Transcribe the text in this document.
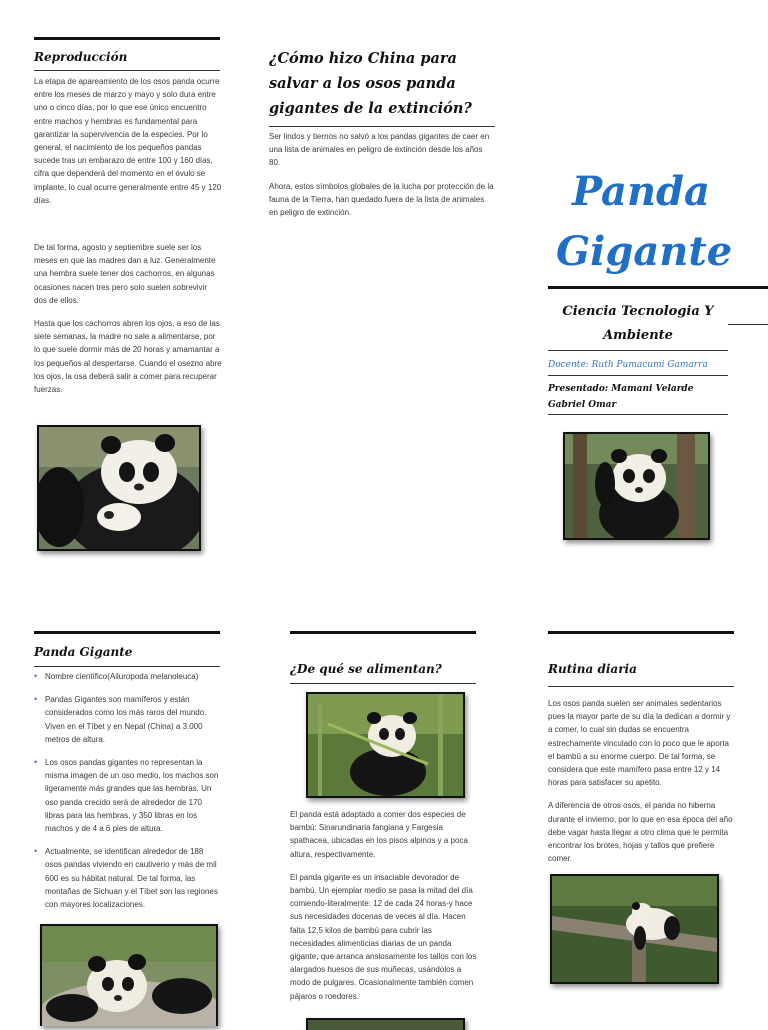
Reproducción

La etapa de apareamiento de los osos panda ocurre entre los meses de marzo y mayo y solo dura entre uno o cinco días, por lo que ese único encuentro entre machos y hembras es fundamental para garantizar la supervivencia de la especies. Por lo general, el nacimiento de los pequeños pandas sucede tras un embarazo de entre 100 y 160 días, cifra que dependerá del momento en el óvulo se implante, lo cual ocurre generalmente entre 45 y 120 días.

De tal forma, agosto y septiembre suele ser los meses en que las madres dan a luz. Generalmente una hembra suele tener dos cachorros, en algunas ocasiones nacen tres pero solo suelen sobrevivir dos de ellos.

Hasta que los cachorros abren los ojos, a eso de las siete semanas, la madre no sale a alimentarse, por lo que suele dormir más de 20 horas y amamantar a los pequeños al despertarse. Cuando el osezno abre los ojos, la osa deberá salir a comer para recuperar fuerzas.

¿Cómo hizo China para salvar a los osos panda gigantes de la extinción?

Ser lindos y tiernos no salvó a los pandas gigantes de caer en una lista de animales en peligro de extinción desde los años 80.

Ahora, estos símbolos globales de la lucha por protección de la fauna de la Tierra, han quedado fuera de la lista de animales en peligro de extinción.	Panda
Gigante
Ciencia Tecnologia Y Ambiente
Docente: Ruth Pumacumi Gamarra
Presentado: Mamani Velarde
Gabriel Omar
Panda Gigante
• Nombre científico(Ailuropoda melanoleuca)
• Pandas Gigantes son mamíferos y están considerados como los más raros del mundo. Viven en el Tíbet y en Nepal (China) a 3.000 metros de altura.
• Los osos pandas gigantes no representan la misma imagen de un oso medio, los machos son ligeramente más grandes que las hembras. Un oso panda crecido será de alrededor de 170 libras para las hembras, y 350 libras en los machos y de 4 a 6 pies de altura.
• Actualmente, se identifican alrededor de 188 osos pandas viviendo en cautiverio y más de mil 600 es su hábitat natural. De tal forma, las montañas de Sichuan y el Tíbet son las regiones con mayores localizaciones.
¿De qué se alimentan?

El panda está adaptado a comer dos especies de bambú: Sinarundinaria fangiana y Fargesia spathacea, ubicadas en los pisos alpinos y a poca altura, respectivamente.

El panda gigante es un insaciable devorador de bambú. Un ejemplar medio se pasa la mitad del día comiendo-literalmente: 12 de cada 24 horas-y hace sus necesidades docenas de veces al día. Hacen falta 12,5 kilos de bambú para cubrir las necesidades alimenticias diarias de un panda gigante, que arranca ansiosamente los tallos con los alargados huesos de sus muñecas, usándolos a modo de pulgares. Ocasionalmente también comen pájaros o roedores.

Rutina diaria

Los osos panda suelen ser animales sedentarios pues la mayor parte de su día la dedican a dormir y a comer, lo cual sin dudas se encuentra estrechamente vinculado con lo poco que le aporta el bambú a su enorme cuerpo. De tal forma, se considera que este mamífero pasa entre 12 y 14 horas para satisfacer su apetito.

A diferencia de otros osos, el panda no hiberna durante el invierno, por lo que en esa época del año debe vagar hasta llegar a otro clima que le permita encontrar los brotes, hojas y tallos que prefiere comer.
